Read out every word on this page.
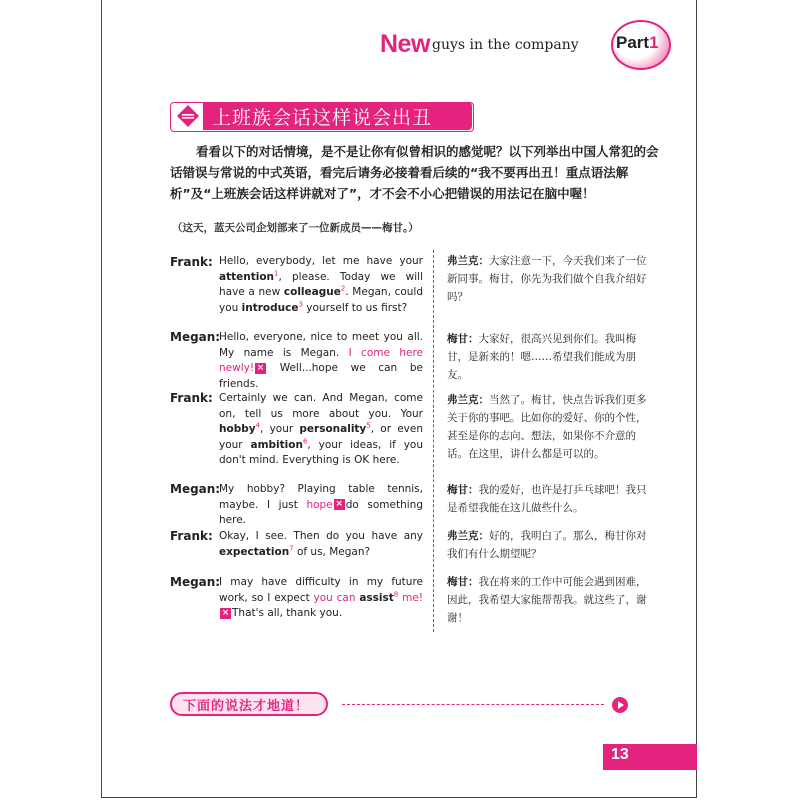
New guys in the company Part1
上班族会话这样说会出丑

看看以下的对话情境，是不是让你有似曾相识的感觉呢？以下列举出中国人常犯的会话错误与常说的中式英语，看完后请务必接着看后续的“我不要再出丑！重点语法解析”及“上班族会话这样讲就对了”，才不会不小心把错误的用法记在脑中喔！

（这天，蓝天公司企划部来了一位新成员——梅甘。）
Frank: Hello, everybody, let me have your attention$^1$, please. Today we will have a new colleague$^2$. Megan, could you introduce$^3$ yourself to us first?
弗兰克：大家注意一下，今天我们来了一位新同事。梅甘，你先为我们做个自我介绍好吗？
Megan:
Hello, everyone, nice to meet you all. My name is Megan. I come here newly! × Well...hope we can be friends.
梅甘：大家好，很高兴见到你们。我叫梅甘，是新来的！嗯……希望我们能成为朋友。
Frank: Certainly we can. And Megan, come on, tell us more about you. Your hobby$^4$, your personality$^5$, or even your ambition$^6$, your ideas, if you don't mind. Everything is OK here.
弗兰克：当然了。梅甘，快点告诉我们更多关于你的事吧。比如你的爱好、你的个性，甚至是你的志向、想法，如果你不介意的话。在这里，讲什么都是可以的。
Megan:
My hobby? Playing table tennis, maybe. I just hope × do something here.
梅甘：我的爱好，也许是打乒乓球吧！我只是希望我能在这儿做些什么。
Frank: Okay, I see. Then do you have any expectation$^7$ of us, Megan?
弗兰克：好的，我明白了。那么，梅甘你对我们有什么期望呢？
Megan:
I may have difficulty in my future work, so I expect you can assist$^8$ me!× That's all, thank you.
梅甘：我在将来的工作中可能会遇到困难，因此，我希望大家能帮帮我。就这些了，谢谢！
下面的说法才地道！
13
